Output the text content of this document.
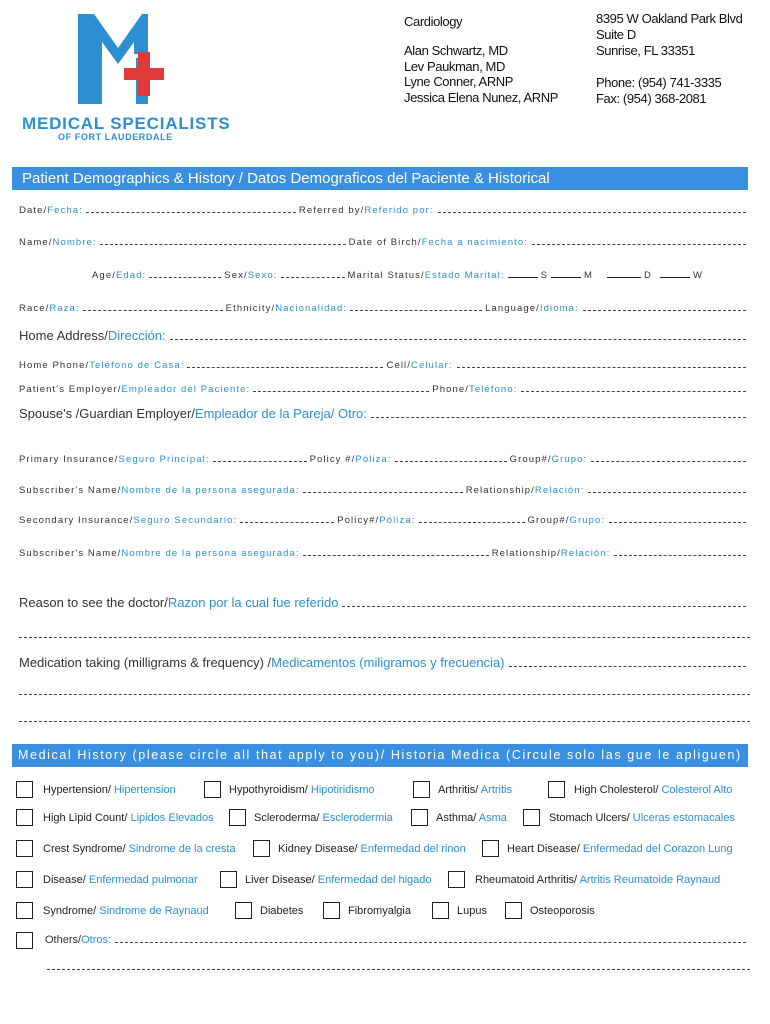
MEDICAL SPECIALISTS
OF FORT LAUDERDALE
Cardiology
Alan Schwartz, MD
Lev Paukman, MD
Lyne Conner, ARNP
Jessica Elena Nunez, ARNP
8395 W Oakland Park Blvd
Suite D
Sunrise, FL 33351
Phone: (954) 741-3335
Fax: (954) 368-2081
Patient Demographics & History / Datos Demograficos del Paciente & Historical
Date/ Fecha:	Referred by/ Referido por:
Name/ Nombre:	Date of Birch/ Fecha a nacimiento:
Age/ Edad:	Sex/ Sexo:	Marital Status/ Estado Marital:	S	M	D	W
Race/ Raza:	Ethnicity/ Nacionalidad:	Language/ Idioma:
Home Address/ Dirección:
Home Phone/ Teléfono de Casa:	Cell/ Celular:
Patient's Employer/ Empleador del Paciente:	Phone/ Teléfono:
Spouse's /Guardian Employer/ Empleador de la Pareja/ Otro:
Primary Insurance/ Seguro Principal:	Policy #/ Póliza:	Group#/ Grupo:
Subscriber's Name/ Nombre de la persona asegurada:	Relationship/ Relación:
Secondary Insurance/ Seguro Secundario:	Policy#/ Póliza:	Group#/ Grupo:
Subscriber's Name/ Nombre de la persona asegurada:	Relationship/ Relación:
Reason to see the doctor/ Razon por la cual fue referido
Medication taking (milligrams & frequency) / Medicamentos (miligramos y frecuencia)
Medical History (please circle all that apply to you)/ Historia Medica (Circule solo las gue le apliguen)
Hypertension/ Hipertension	Hypothyroidism/ Hipotiridismo	Arthritis/ Artritis	High Cholesterol/ Colesterol Alto
High Lipid Count/ Lipidos Elevados	Scleroderma/ Esclerodermia	Asthma/ Asma	Stomach Ulcers/ Ulceras estomacales
Crest Syndrome/ Sindrome de la cresta	Kidney Disease/ Enfermedad del rinon	Heart Disease/ Enfermedad del Corazon Lung
Disease/ Enfermedad pulmonar	Liver Disease/ Enfermedad del higado	Rheumatoid Arthritis/ Artritis Reumatoide Raynaud
Syndrome/ Sindrome de Raynaud	Diabetes	Fibromyalgia	Lupus	Osteoporosis
Others/ Otros:
